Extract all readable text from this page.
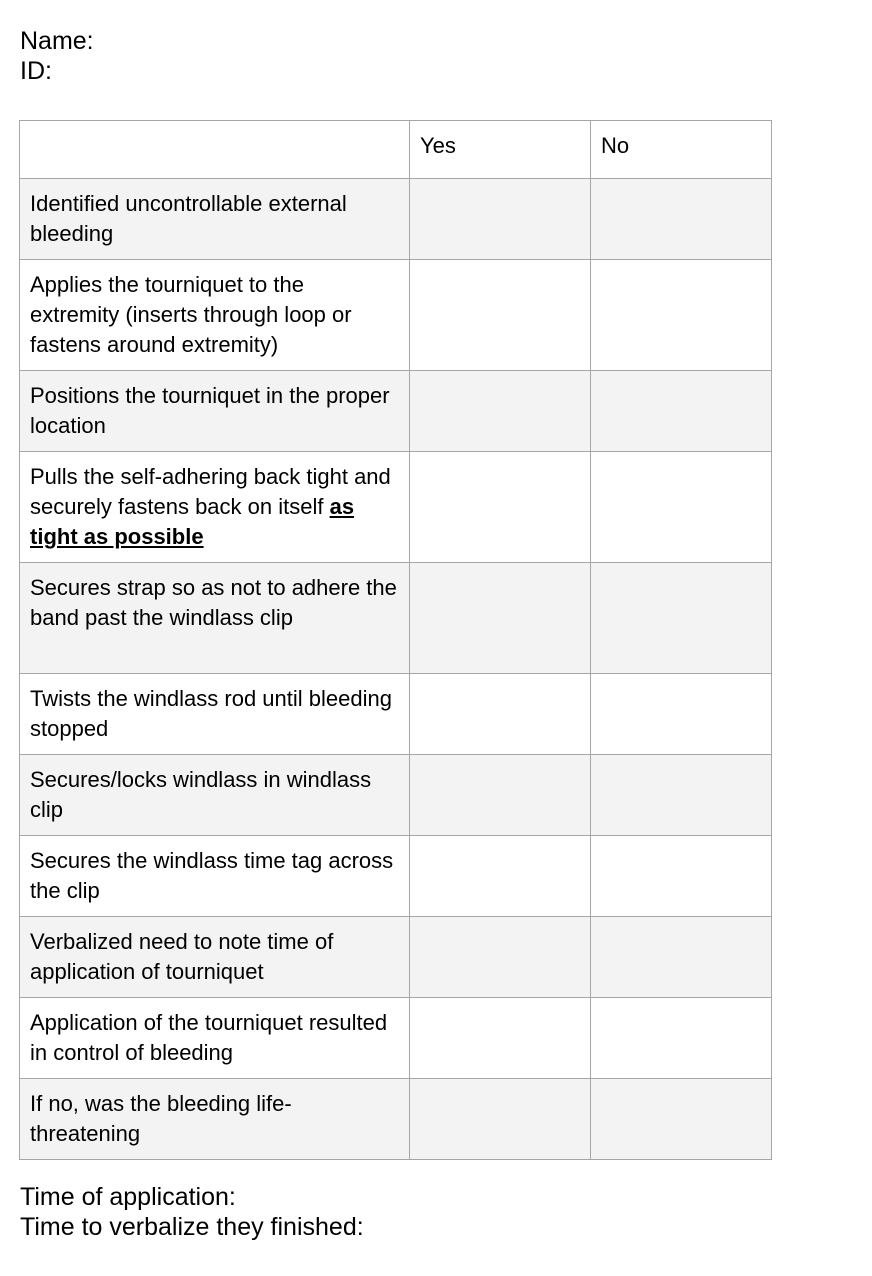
Name:
ID:
	Yes	No
Identified uncontrollable external bleeding		
Applies the tourniquet to the extremity (inserts through loop or fastens around extremity)		
Positions the tourniquet in the proper location		
Pulls the self-adhering back tight and securely fastens back on itself as tight as possible		
Secures strap so as not to adhere the band past the windlass clip		
Twists the windlass rod until bleeding stopped		
Secures/locks windlass in windlass clip		
Secures the windlass time tag across the clip		
Verbalized need to note time of application of tourniquet		
Application of the tourniquet resulted in control of bleeding		
If no, was the bleeding life-threatening		
Time of application:
Time to verbalize they finished:
